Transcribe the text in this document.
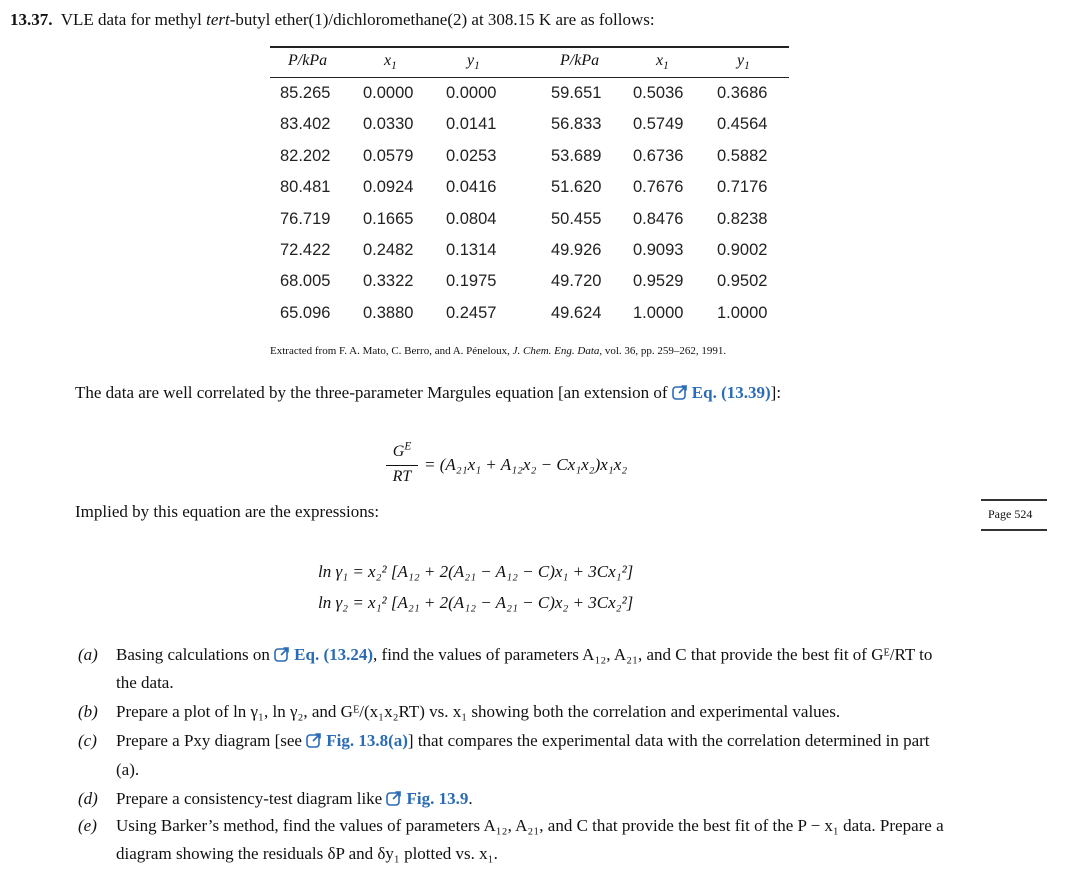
13.37. VLE data for methyl tert-butyl ether(1)/dichloromethane(2) at 308.15 K are as follows:
P/kPa	$x_1$	$y_1$	P/kPa	$x_1$	$y_1$
85.265 0.0000 0.0000	59.651 0.5036 0.3686
83.402 0.0330 0.0141	56.833 0.5749 0.4564
82.202 0.0579 0.0253	53.689 0.6736 0.5882
80.481 0.0924 0.0416	51.620 0.7676 0.7176
76.719 0.1665 0.0804	50.455 0.8476 0.8238
72.422 0.2482 0.1314	49.926 0.9093 0.9002
68.005 0.3322 0.1975	49.720 0.9529 0.9502
65.096 0.3880 0.2457	49.624 1.0000 1.0000
Extracted from F. A. Mato, C. Berro, and A. Péneloux, J. Chem. Eng. Data, vol. 36, pp. 259–262, 1991.
The data are well correlated by the three-parameter Margules equation [an extension of Eq. (13.39)]:
$G^E$
RT
= (A₂₁x₁ + A₁₂x₂ − Cx₁x₂)x₁x₂
Implied by this equation are the expressions:	Page 524
ln γ₁ = x₂² [A₁₂ + 2(A₂₁ − A₁₂ − C)x₁ + 3Cx₁²]
ln γ₂ = x₁² [A₂₁ + 2(A₁₂ − A₂₁ − C)x₂ + 3Cx₂²]
(a) Basing calculations on Eq. (13.24), find the values of parameters A₁₂, A₂₁, and C that provide the best fit of Gᴱ/RT to
the data.
(b) Prepare a plot of ln γ₁, ln γ₂, and Gᴱ/(x₁x₂RT) vs. x₁ showing both the correlation and experimental values.
(c) Prepare a Pxy diagram [see Fig. 13.8(a)] that compares the experimental data with the correlation determined in part
(a).
(d) Prepare a consistency-test diagram like Fig. 13.9.
(e) Using Barker’s method, find the values of parameters A₁₂, A₂₁, and C that provide the best fit of the P − x₁ data. Prepare a
diagram showing the residuals δP and δy₁ plotted vs. x₁.
